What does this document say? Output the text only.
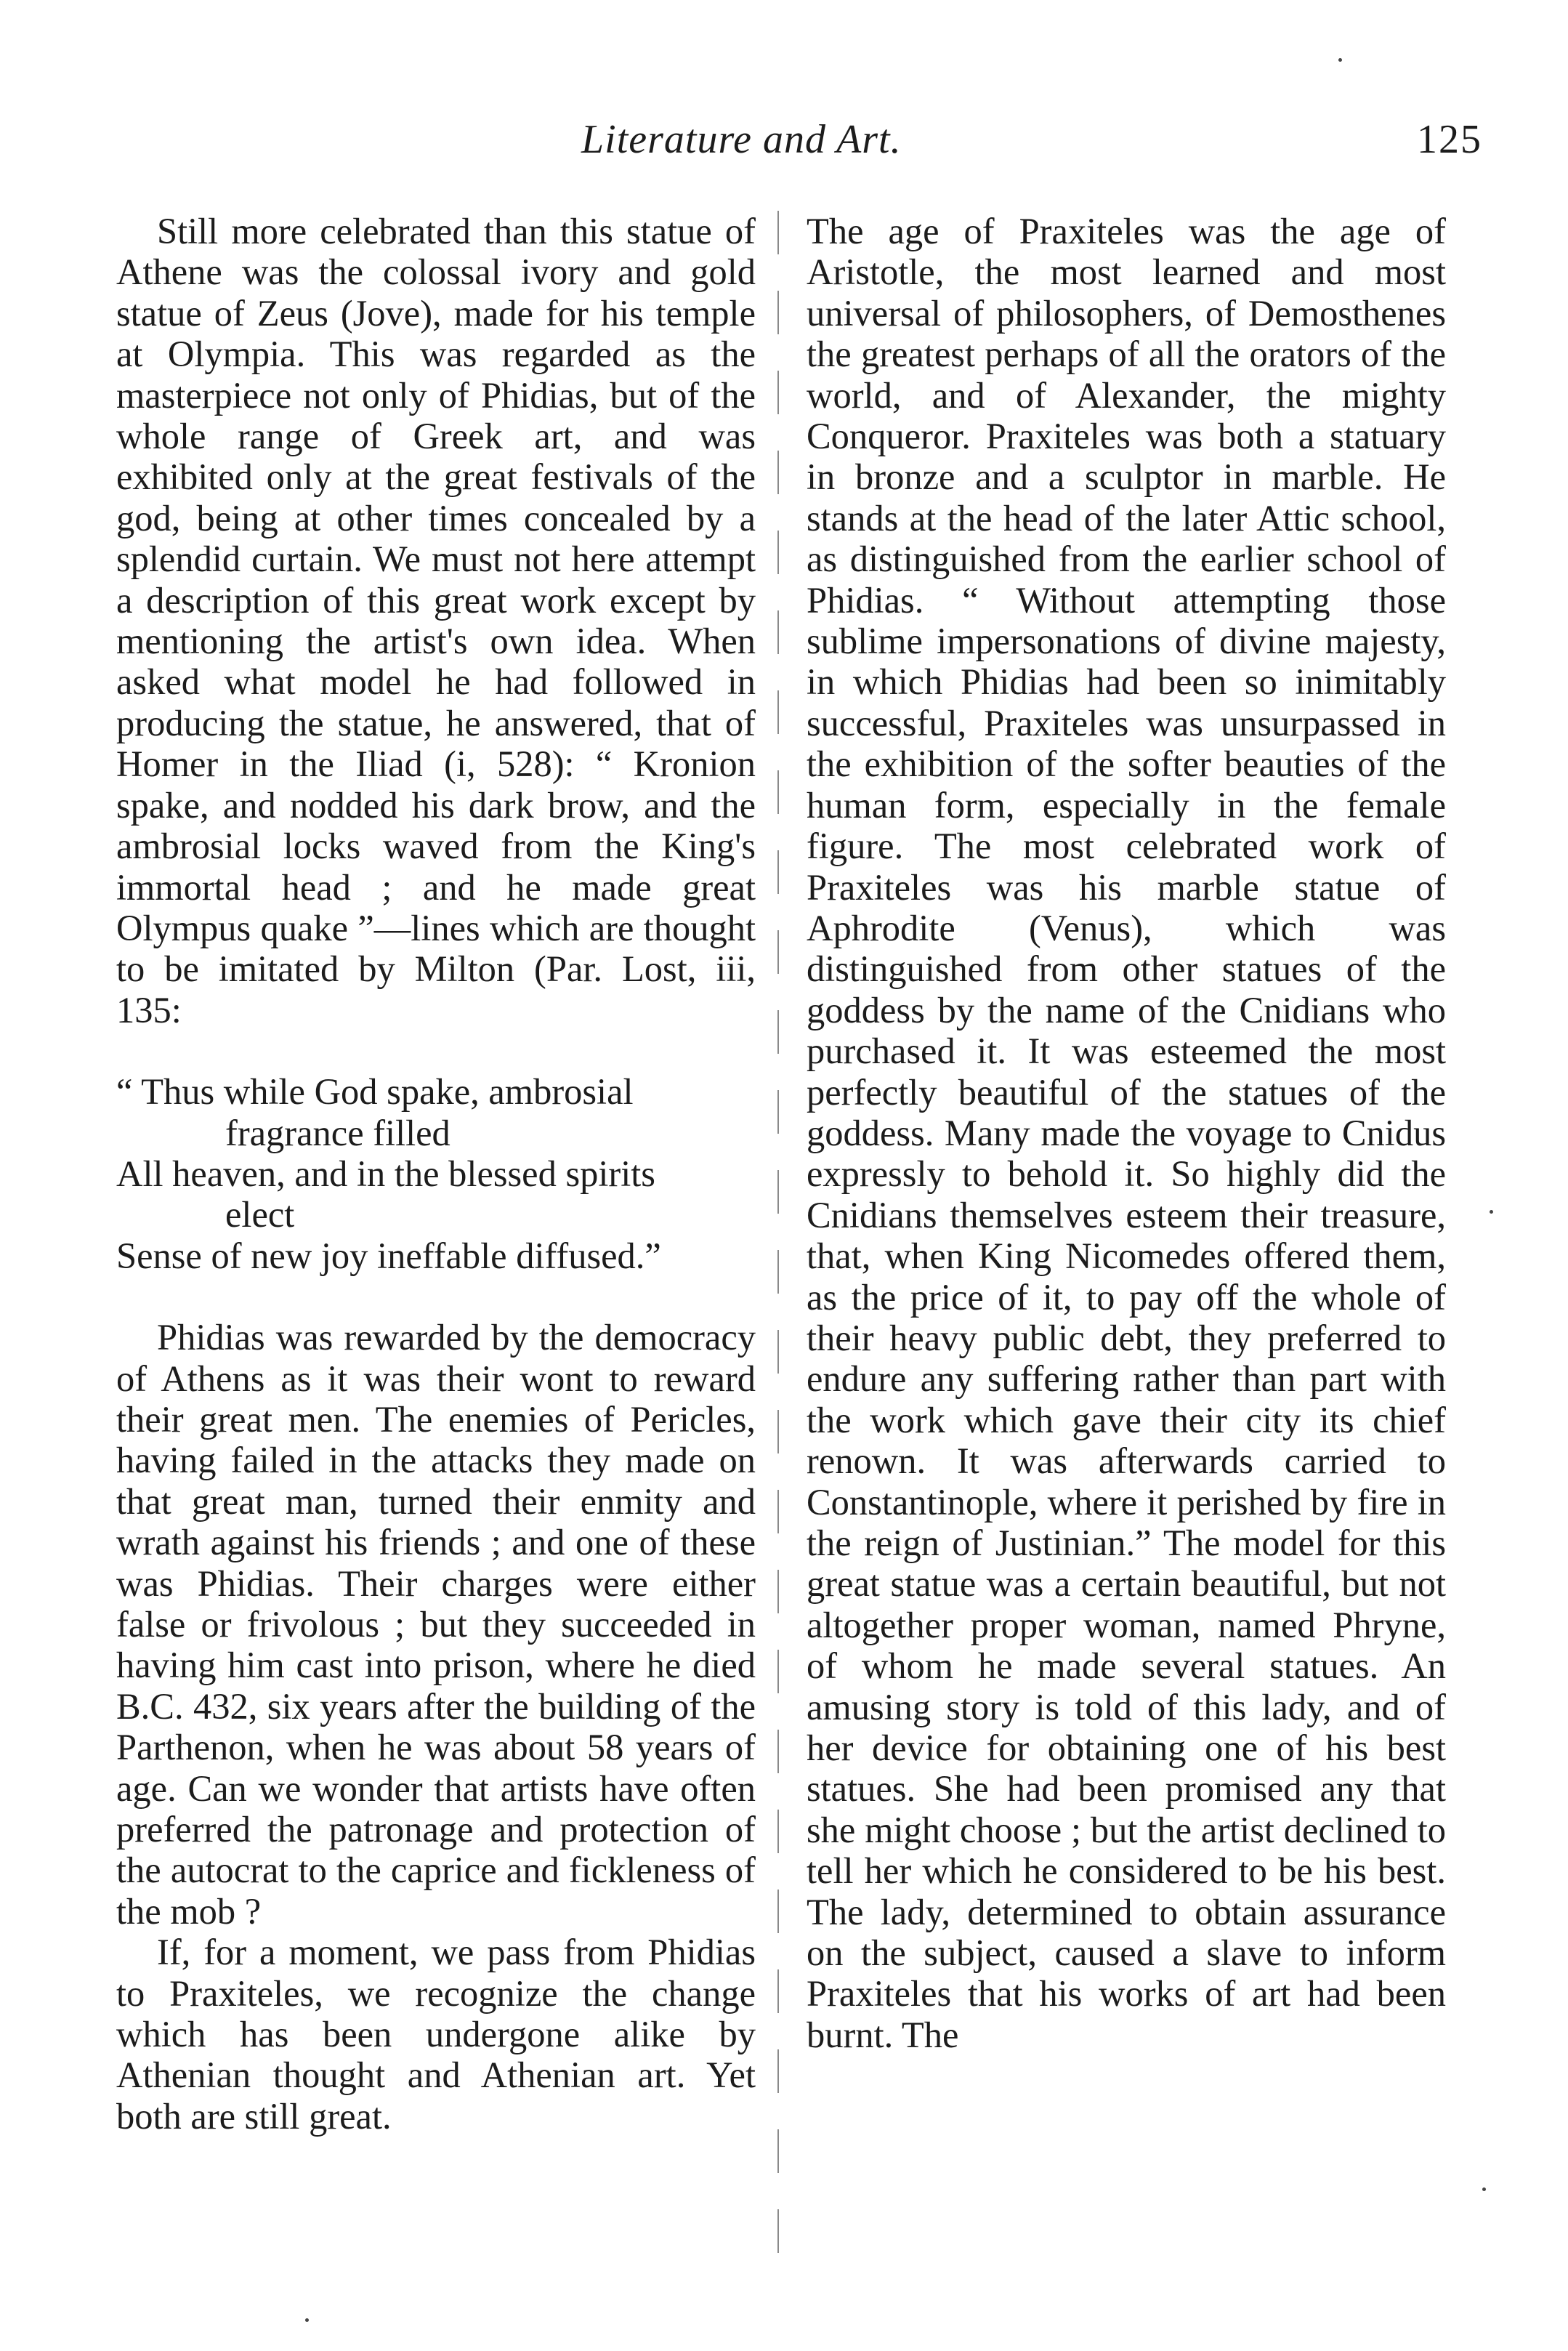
Literature and Art.	125

Still more celebrated than this statue of Athene was the colossal ivory and gold statue of Zeus (Jove), made for his temple at Olympia. This was regarded as the masterpiece not only of Phidias, but of the whole range of Greek art, and was exhibited only at the great festivals of the god, being at other times concealed by a splendid curtain. We must not here attempt a description of this great work except by mentioning the artist's own idea. When asked what model he had followed in producing the statue, he answered, that of Homer in the Iliad (i, 528): “ Kronion spake, and nodded his dark brow, and the ambrosial locks waved from the King's immortal head ; and he made great Olympus quake ”—lines which are thought to be imitated by Milton (Par. Lost, iii, 135:

“ Thus while God spake, ambrosial
fragrance filled
All heaven, and in the blessed spirits
elect
Sense of new joy ineffable diffused.”

Phidias was rewarded by the democracy of Athens as it was their wont to reward their great men. The enemies of Pericles, having failed in the attacks they made on that great man, turned their enmity and wrath against his friends ; and one of these was Phidias. Their charges were either false or frivolous ; but they succeeded in having him cast into prison, where he died B.C. 432, six years after the building of the Parthenon, when he was about 58 years of age. Can we wonder that artists have often preferred the patronage and protection of the autocrat to the caprice and fickleness of the mob ?

If, for a moment, we pass from Phidias to Praxiteles, we recognize the change which has been undergone alike by Athenian thought and Athenian art. Yet both are still great.

The age of Praxiteles was the age of Aristotle, the most learned and most universal of philosophers, of Demosthenes the greatest perhaps of all the orators of the world, and of Alexander, the mighty Conqueror. Praxiteles was both a statuary in bronze and a sculptor in marble. He stands at the head of the later Attic school, as distinguished from the earlier school of Phidias. “ Without attempting those sublime impersonations of divine majesty, in which Phidias had been so inimitably successful, Praxiteles was unsurpassed in the exhibition of the softer beauties of the human form, especially in the female figure. The most celebrated work of Praxiteles was his marble statue of Aphrodite (Venus), which was distinguished from other statues of the goddess by the name of the Cnidians who purchased it. It was esteemed the most perfectly beautiful of the statues of the goddess. Many made the voyage to Cnidus expressly to behold it. So highly did the Cnidians themselves esteem their treasure, that, when King Nicomedes offered them, as the price of it, to pay off the whole of their heavy public debt, they preferred to endure any suffering rather than part with the work which gave their city its chief renown. It was afterwards carried to Constantinople, where it perished by fire in the reign of Justinian.” The model for this great statue was a certain beautiful, but not altogether proper woman, named Phryne, of whom he made several statues. An amusing story is told of this lady, and of her device for obtaining one of his best statues. She had been promised any that she might choose ; but the artist declined to tell her which he considered to be his best. The lady, determined to obtain assurance on the subject, caused a slave to inform Praxiteles that his works of art had been burnt. The
